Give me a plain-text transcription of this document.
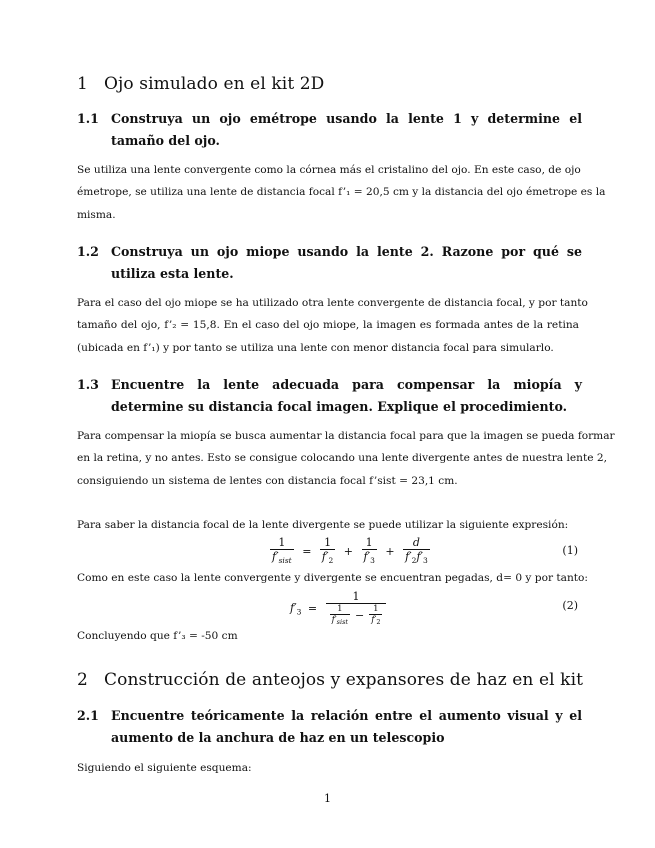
1 Ojo simulado en el kit 2D
1.1 Construya un ojo emétrope usando la lente 1 y determine el tamaño del ojo.
Se utiliza una lente convergente como la córnea más el cristalino del ojo. En este caso, de ojo
émetrope, se utiliza una lente de distancia focal f’₁ = 20,5 cm y la distancia del ojo émetrope es la
misma.
1.2 Construya un ojo miope usando la lente 2. Razone por qué se utiliza esta lente.
Para el caso del ojo miope se ha utilizado otra lente convergente de distancia focal, y por tanto
tamaño del ojo, f’₂ = 15,8. En el caso del ojo miope, la imagen es formada antes de la retina
(ubicada en f’₁) y por tanto se utiliza una lente con menor distancia focal para simularlo.
1.3 Encuentre la lente adecuada para compensar la miopía y determine su distancia focal imagen. Explique el procedimiento.
Para compensar la miopía se busca aumentar la distancia focal para que la imagen se pueda formar
en la retina, y no antes. Esto se consigue colocando una lente divergente antes de nuestra lente 2,
consiguiendo un sistema de lentes con distancia focal f’sist = 23,1 cm.
Para saber la distancia focal de la lente divergente se puede utilizar la siguiente expresión:
$\frac{1}{f'_{sist}} = \frac{1}{f'_2} + \frac{1}{f'_3} + \frac{d}{f'_2f'_3}$	(1)
Como en este caso la lente convergente y divergente se encuentran pegadas, d= 0 y por tanto:
$f'_3 = \frac{1}{\frac{1}{f'_{sist}} - \frac{1}{f'_2}}$	(2)
Concluyendo que f’₃ = -50 cm
2 Construcción de anteojos y expansores de haz en el kit
2.1 Encuentre teóricamente la relación entre el aumento visual y el aumento de la anchura de haz en un telescopio
Siguiendo el siguiente esquema:
1
